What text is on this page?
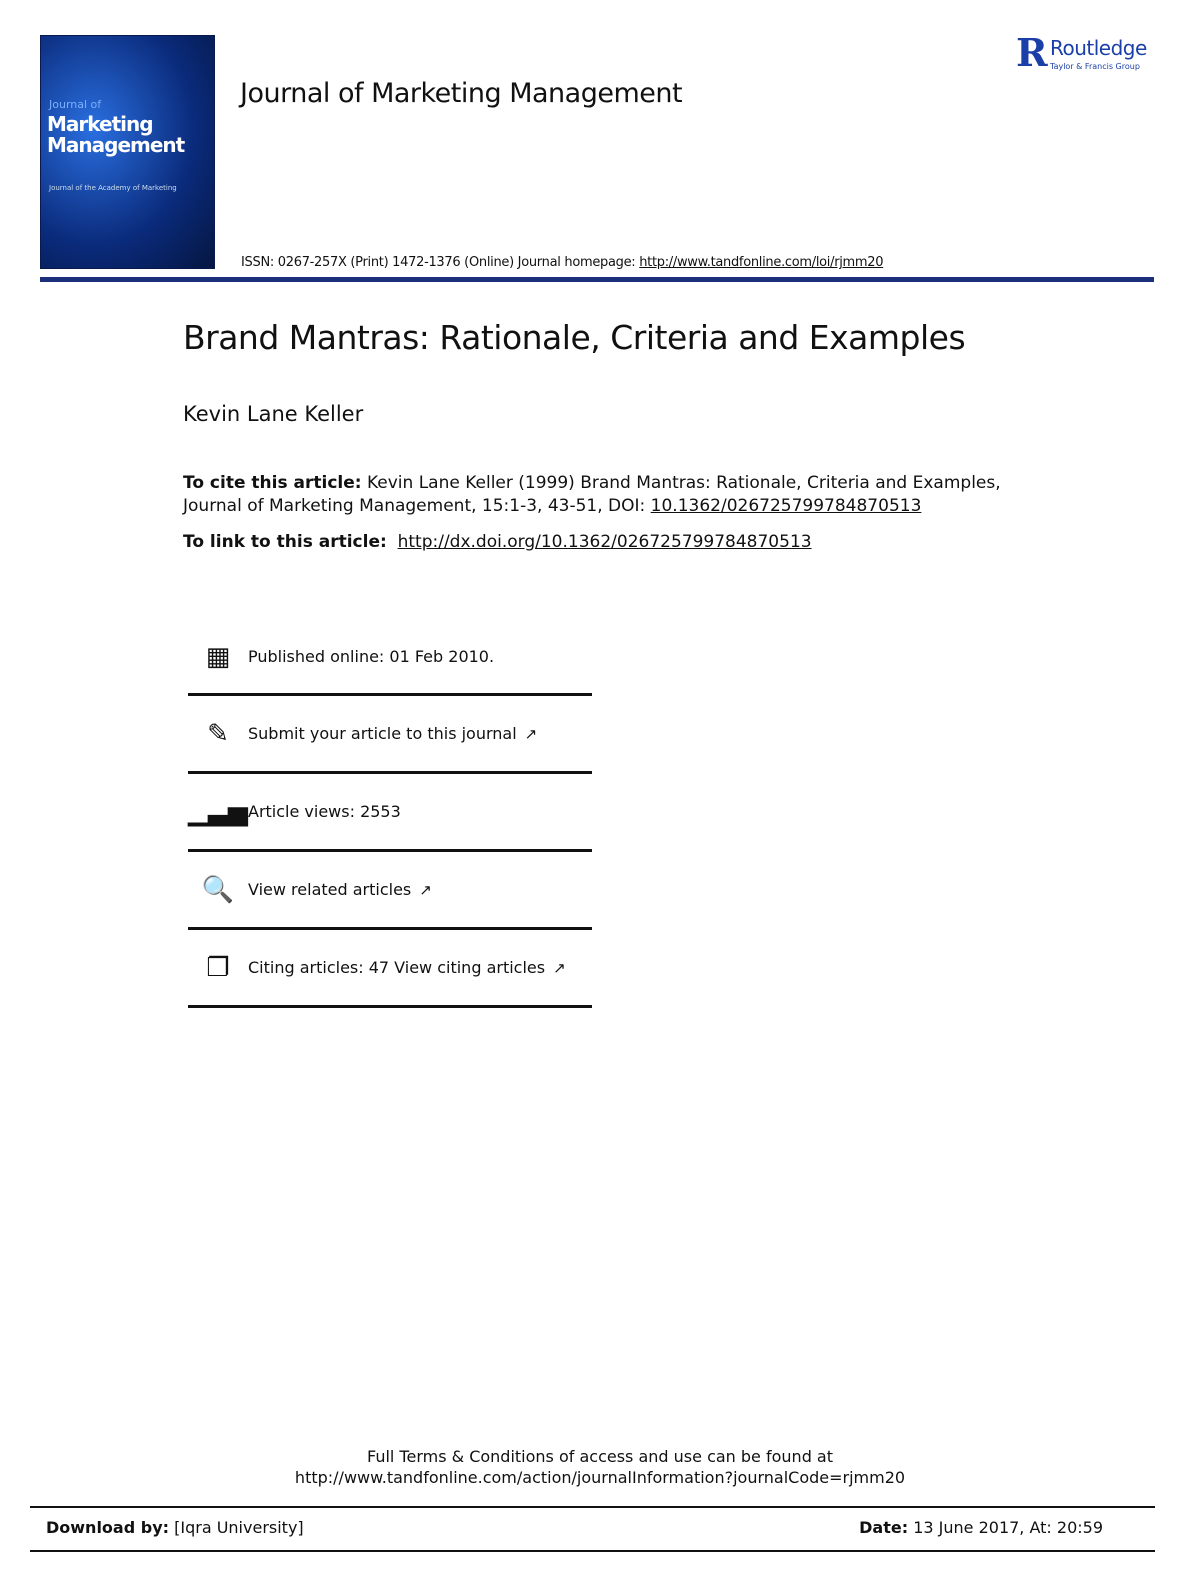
Journal of
Marketing Management
Journal of the Academy of Marketing
Journal of Marketing Management
ISSN: 0267-257X (Print) 1472-1376 (Online) Journal homepage: http://www.tandfonline.com/loi/rjmm20
R Routledge
Taylor & Francis Group
Brand Mantras: Rationale, Criteria and Examples
Kevin Lane Keller
To cite this article: Kevin Lane Keller (1999) Brand Mantras: Rationale, Criteria and Examples, Journal of Marketing Management, 15:1-3, 43-51, DOI: 10.1362/026725799784870513
To link to this article: http://dx.doi.org/10.1362/026725799784870513
▦	Published online: 01 Feb 2010.
✎	Submit your article to this journal ↗
▁▃▅ Article views: 2553
🔍 View related articles ↗
❐	Citing articles: 47 View citing articles ↗
Full Terms & Conditions of access and use can be found at
http://www.tandfonline.com/action/journalInformation?journalCode=rjmm20
Download by: [Iqra University]	Date: 13 June 2017, At: 20:59
